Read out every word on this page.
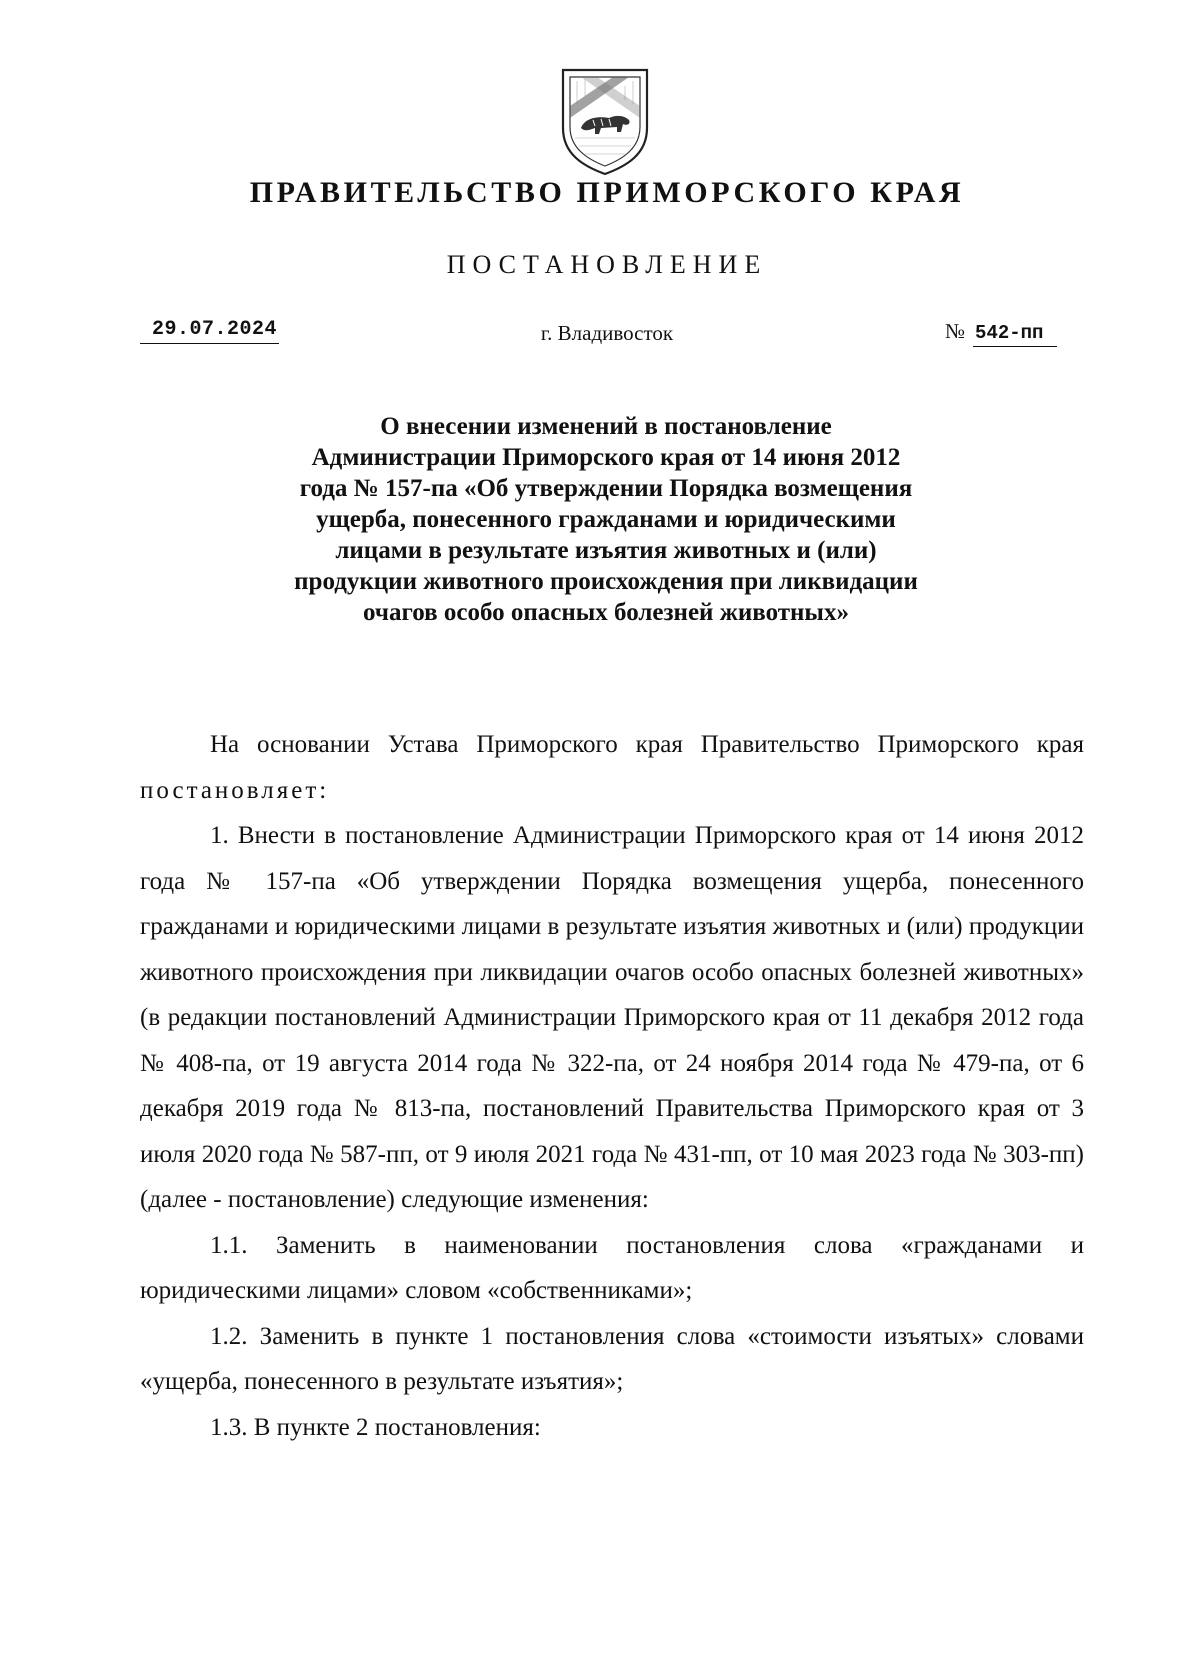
ПРАВИТЕЛЬСТВО ПРИМОРСКОГО КРАЯ
ПОСТАНОВЛЕНИЕ
29.07.2024	г. Владивосток	№ 542-пп
О внесении изменений в постановление Администрации Приморского края от 14 июня 2012 года № 157-па «Об утверждении Порядка возмещения ущерба, понесенного гражданами и юридическими лицами в результате изъятия животных и (или) продукции животного происхождения при ликвидации очагов особо опасных болезней животных»

На основании Устава Приморского края Правительство Приморского края постановляет:

1. Внести в постановление Администрации Приморского края от 14 июня 2012 года № 157-па «Об утверждении Порядка возмещения ущерба, понесенного гражданами и юридическими лицами в результате изъятия животных и (или) продукции животного происхождения при ликвидации очагов особо опасных болезней животных» (в редакции постановлений Администрации Приморского края от 11 декабря 2012 года № 408-па, от 19 августа 2014 года № 322-па, от 24 ноября 2014 года № 479-па, от 6 декабря 2019 года № 813-па, постановлений Правительства Приморского края от 3 июля 2020 года № 587-пп, от 9 июля 2021 года № 431-пп, от 10 мая 2023 года № 303-пп) (далее - постановление) следующие изменения:

1.1. Заменить в наименовании постановления слова «гражданами и юридическими лицами» словом «собственниками»;

1.2. Заменить в пункте 1 постановления слова «стоимости изъятых» словами «ущерба, понесенного в результате изъятия»;

1.3. В пункте 2 постановления:
